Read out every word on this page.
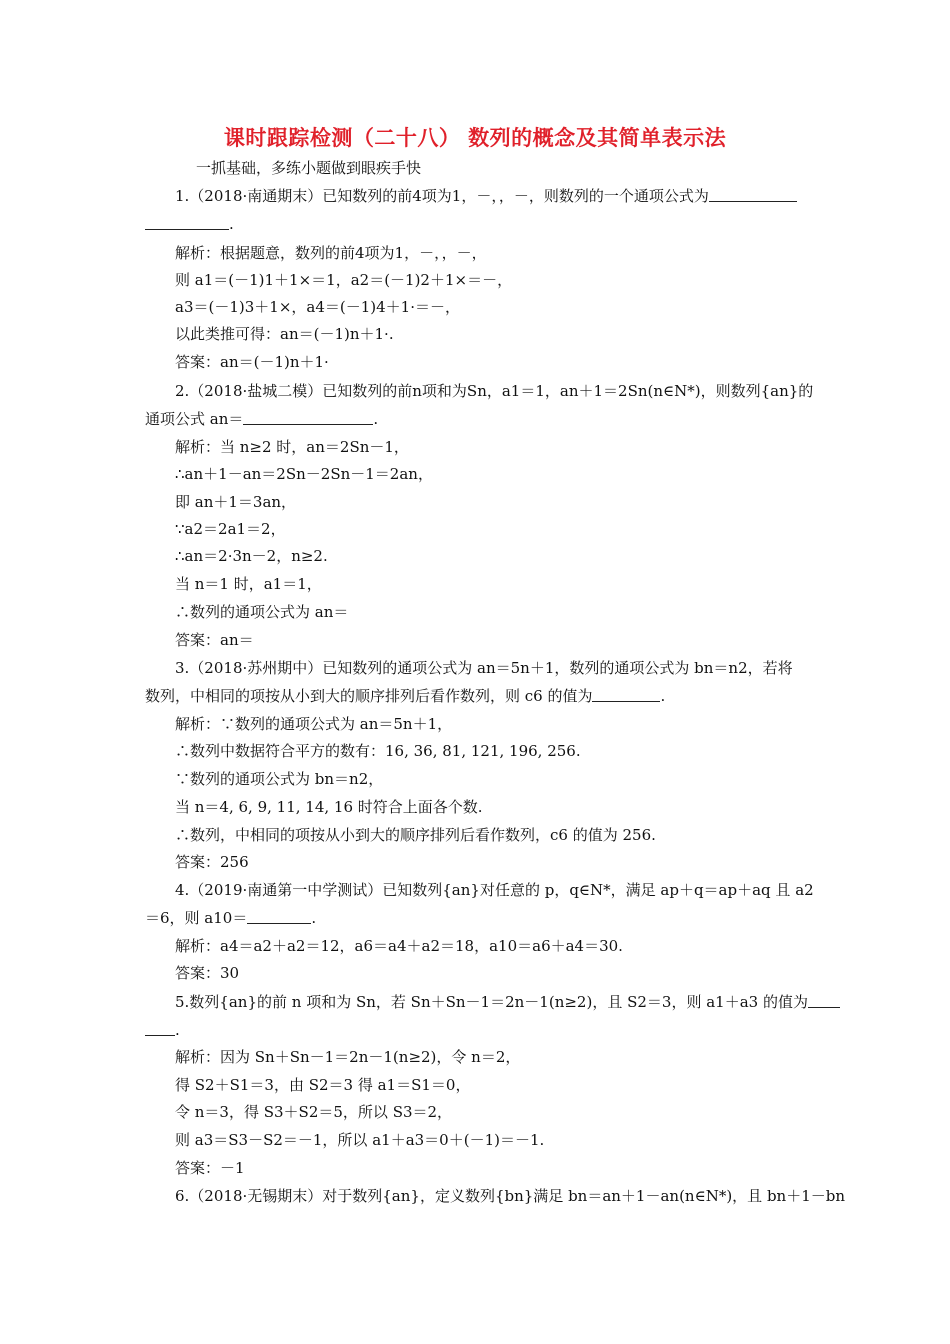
课时跟踪检测（二十八） 数列的概念及其简单表示法
一抓基础，多练小题做到眼疾手快
1.（2018·南通期末）已知数列的前4项为1，－，，－，则数列的一个通项公式为
.
解析：根据题意，数列的前4项为1，－，，－，
则 a1＝(－1)1＋1×＝1，a2＝(－1)2＋1×＝－，
a3＝(－1)3＋1×，a4＝(－1)4＋1·＝－，
以此类推可得：an＝(－1)n＋1·.
答案：an＝(－1)n＋1·
2.（2018·盐城二模）已知数列的前n项和为Sn，a1＝1，an＋1＝2Sn(n∈N*)，则数列{an}的
通项公式 an＝	.
解析：当 n≥2 时，an＝2Sn－1，
∴an＋1－an＝2Sn－2Sn－1＝2an，
即 an＋1＝3an，
∵a2＝2a1＝2，
∴an＝2·3n－2，n≥2.
当 n＝1 时，a1＝1，
∴数列的通项公式为 an＝
答案：an＝
3.（2018·苏州期中）已知数列的通项公式为 an＝5n＋1，数列的通项公式为 bn＝n2，若将
数列，中相同的项按从小到大的顺序排列后看作数列，则 c6 的值为	.
解析：∵数列的通项公式为 an＝5n＋1，
∴数列中数据符合平方的数有：16, 36, 81, 121, 196, 256.
∵数列的通项公式为 bn＝n2，
当 n＝4, 6, 9, 11, 14, 16 时符合上面各个数.
∴数列，中相同的项按从小到大的顺序排列后看作数列，c6 的值为 256.
答案：256
4.（2019·南通第一中学测试）已知数列{an}对任意的 p，q∈N*，满足 ap＋q＝ap＋aq 且 a2
＝6，则 a10＝	.
解析：a4＝a2＋a2＝12，a6＝a4＋a2＝18，a10＝a6＋a4＝30.
答案：30
5.数列{an}的前 n 项和为 Sn，若 Sn＋Sn－1＝2n－1(n≥2)，且 S2＝3，则 a1＋a3 的值为
.
解析：因为 Sn＋Sn－1＝2n－1(n≥2)，令 n＝2，
得 S2＋S1＝3，由 S2＝3 得 a1＝S1＝0，
令 n＝3，得 S3＋S2＝5，所以 S3＝2，
则 a3＝S3－S2＝－1，所以 a1＋a3＝0＋(－1)＝－1.
答案：－1
6.（2018·无锡期末）对于数列{an}，定义数列{bn}满足 bn＝an＋1－an(n∈N*)，且 bn＋1－bn
